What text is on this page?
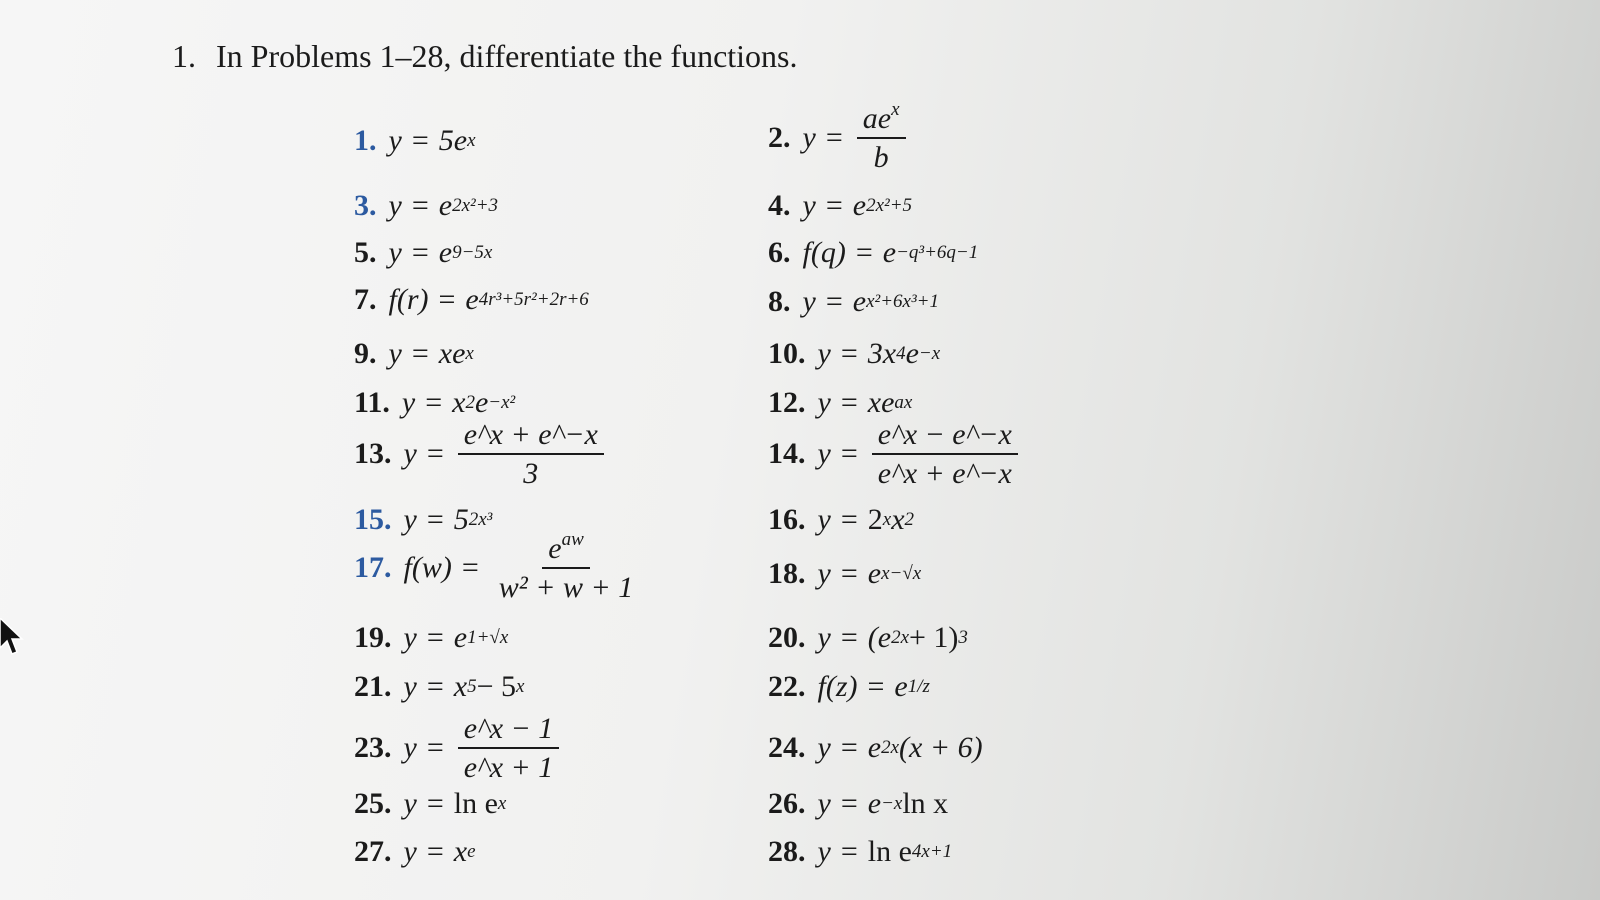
1. In Problems 1–28, differentiate the functions.
1. y = 5e x
3. y = e 2x²+3
5. y = e 9−5x
7. f(r) = e 4r³+5r²+2r+6
9. y = xe x
11. y = x 2 e −x²
13. $y = \frac{e\^{}x + e\^{}-x}{3}$
15. y = 5 2x³
17. $f(w) = \frac{e^{aw}}{\text{w² + w + 1}}$
19. y = e 1+√x
21. y = x 5 − 5 x
23. $y = \frac{e\^{}x - 1}{e\^{}x + 1}$
25. y = ln e x
27. y = x e
2. $y = \frac{ae^x}{b}$
4. y = e 2x²+5
6. f(q) = e −q³+6q−1
8. y = e x²+6x³+1
10. y = 3x 4 e −x
12. y = xe ax
14. $y = \frac{e\^{}x - e\^{}-x}{e\^{}x + e\^{}-x}$
16. y = 2 x x 2
18. y = e x−√x
20. y = (e 2x + 1) 3
22. f(z) = e 1/z
24. y = e 2x (x + 6)
26. y = e −x ln x
28. y = ln e 4x+1
